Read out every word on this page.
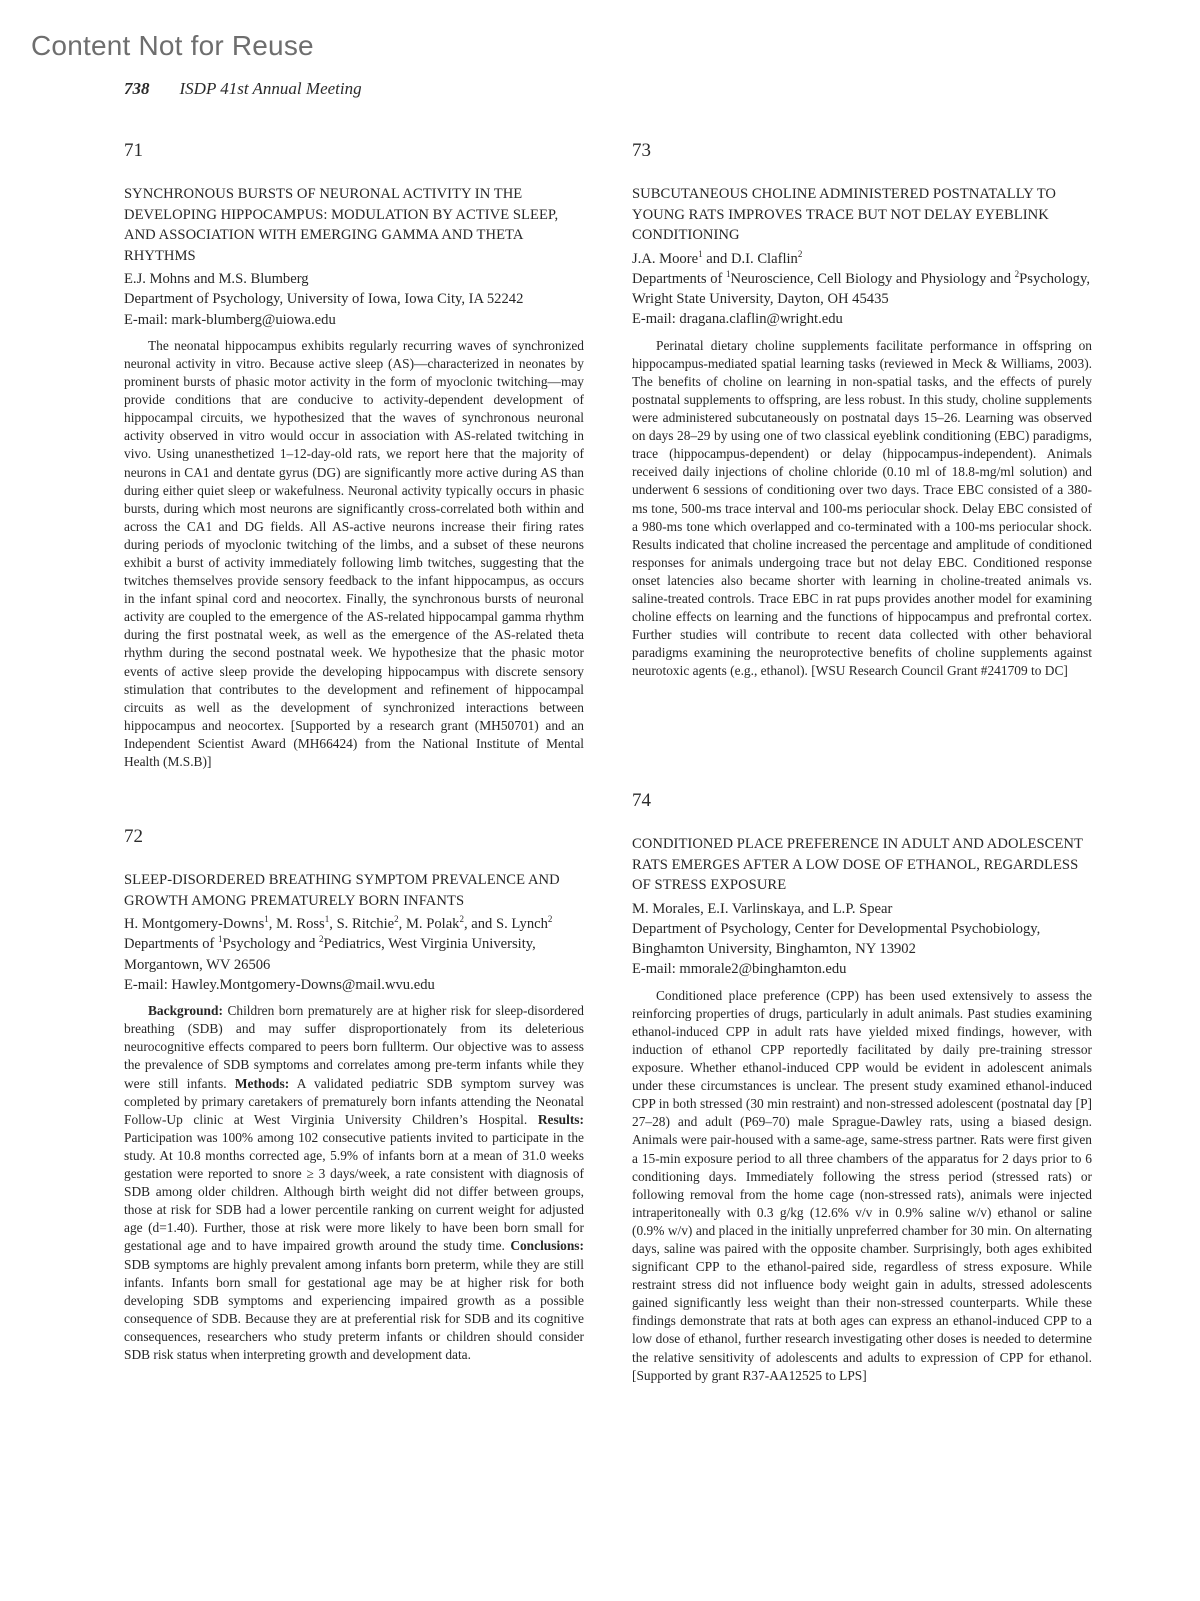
Content Not for Reuse
738 ISDP 41st Annual Meeting
71
SYNCHRONOUS BURSTS OF NEURONAL ACTIVITY IN THE DEVELOPING HIPPOCAMPUS: MODULATION BY ACTIVE SLEEP, AND ASSOCIATION WITH EMERGING GAMMA AND THETA RHYTHMS
E.J. Mohns and M.S. Blumberg
Department of Psychology, University of Iowa, Iowa City, IA 52242
E-mail: mark-blumberg@uiowa.edu

The neonatal hippocampus exhibits regularly recurring waves of synchronized neuronal activity in vitro. Because active sleep (AS)—characterized in neonates by prominent bursts of phasic motor activity in the form of myoclonic twitching—may provide conditions that are conducive to activity-dependent development of hippocampal circuits, we hypothesized that the waves of synchronous neuronal activity observed in vitro would occur in association with AS-related twitching in vivo. Using unanesthetized 1–12-day-old rats, we report here that the majority of neurons in CA1 and dentate gyrus (DG) are significantly more active during AS than during either quiet sleep or wakefulness. Neuronal activity typically occurs in phasic bursts, during which most neurons are significantly cross-correlated both within and across the CA1 and DG fields. All AS-active neurons increase their firing rates during periods of myoclonic twitching of the limbs, and a subset of these neurons exhibit a burst of activity immediately following limb twitches, suggesting that the twitches themselves provide sensory feedback to the infant hippocampus, as occurs in the infant spinal cord and neocortex. Finally, the synchronous bursts of neuronal activity are coupled to the emergence of the AS-related hippocampal gamma rhythm during the first postnatal week, as well as the emergence of the AS-related theta rhythm during the second postnatal week. We hypothesize that the phasic motor events of active sleep provide the developing hippocampus with discrete sensory stimulation that contributes to the development and refinement of hippocampal circuits as well as the development of synchronized interactions between hippocampus and neocortex. [Supported by a research grant (MH50701) and an Independent Scientist Award (MH66424) from the National Institute of Mental Health (M.S.B)]

72
SLEEP-DISORDERED BREATHING SYMPTOM PREVALENCE AND GROWTH AMONG PREMATURELY BORN INFANTS
H. Montgomery-Downs$^1$, M. Ross$^1$, S. Ritchie$^2$, M. Polak$^2$, and S. Lynch$^2$
Departments of $^1$Psychology and $^2$Pediatrics, West Virginia University, Morgantown, WV 26506
E-mail: Hawley.Montgomery-Downs@mail.wvu.edu

Background: Children born prematurely are at higher risk for sleep-disordered breathing (SDB) and may suffer disproportionately from its deleterious neurocognitive effects compared to peers born fullterm. Our objective was to assess the prevalence of SDB symptoms and correlates among pre-term infants while they were still infants. Methods: A validated pediatric SDB symptom survey was completed by primary caretakers of prematurely born infants attending the Neonatal Follow-Up clinic at West Virginia University Children’s Hospital. Results: Participation was 100% among 102 consecutive patients invited to participate in the study. At 10.8 months corrected age, 5.9% of infants born at a mean of 31.0 weeks gestation were reported to snore ≥ 3 days/week, a rate consistent with diagnosis of SDB among older children. Although birth weight did not differ between groups, those at risk for SDB had a lower percentile ranking on current weight for adjusted age (d=1.40). Further, those at risk were more likely to have been born small for gestational age and to have impaired growth around the study time. Conclusions: SDB symptoms are highly prevalent among infants born preterm, while they are still infants. Infants born small for gestational age may be at higher risk for both developing SDB symptoms and experiencing impaired growth as a possible consequence of SDB. Because they are at preferential risk for SDB and its cognitive consequences, researchers who study preterm infants or children should consider SDB risk status when interpreting growth and development data.

73
SUBCUTANEOUS CHOLINE ADMINISTERED POSTNATALLY TO YOUNG RATS IMPROVES TRACE BUT NOT DELAY EYEBLINK CONDITIONING
J.A. Moore$^1$ and D.I. Claflin$^2$
Departments of $^1$Neuroscience, Cell Biology and Physiology and $^2$Psychology, Wright State University, Dayton, OH 45435
E-mail: dragana.claflin@wright.edu

Perinatal dietary choline supplements facilitate performance in offspring on hippocampus-mediated spatial learning tasks (reviewed in Meck & Williams, 2003). The benefits of choline on learning in non-spatial tasks, and the effects of purely postnatal supplements to offspring, are less robust. In this study, choline supplements were administered subcutaneously on postnatal days 15–26. Learning was observed on days 28–29 by using one of two classical eyeblink conditioning (EBC) paradigms, trace (hippocampus-dependent) or delay (hippocampus-independent). Animals received daily injections of choline chloride (0.10 ml of 18.8-mg/ml solution) and underwent 6 sessions of conditioning over two days. Trace EBC consisted of a 380-ms tone, 500-ms trace interval and 100-ms periocular shock. Delay EBC consisted of a 980-ms tone which overlapped and co-terminated with a 100-ms periocular shock. Results indicated that choline increased the percentage and amplitude of conditioned responses for animals undergoing trace but not delay EBC. Conditioned response onset latencies also became shorter with learning in choline-treated animals vs. saline-treated controls. Trace EBC in rat pups provides another model for examining choline effects on learning and the functions of hippocampus and prefrontal cortex. Further studies will contribute to recent data collected with other behavioral paradigms examining the neuroprotective benefits of choline supplements against neurotoxic agents (e.g., ethanol). [WSU Research Council Grant #241709 to DC]

74
CONDITIONED PLACE PREFERENCE IN ADULT AND ADOLESCENT RATS EMERGES AFTER A LOW DOSE OF ETHANOL, REGARDLESS OF STRESS EXPOSURE
M. Morales, E.I. Varlinskaya, and L.P. Spear
Department of Psychology, Center for Developmental Psychobiology, Binghamton University, Binghamton, NY 13902
E-mail: mmorale2@binghamton.edu

Conditioned place preference (CPP) has been used extensively to assess the reinforcing properties of drugs, particularly in adult animals. Past studies examining ethanol-induced CPP in adult rats have yielded mixed findings, however, with induction of ethanol CPP reportedly facilitated by daily pre-training stressor exposure. Whether ethanol-induced CPP would be evident in adolescent animals under these circumstances is unclear. The present study examined ethanol-induced CPP in both stressed (30 min restraint) and non-stressed adolescent (postnatal day [P] 27–28) and adult (P69–70) male Sprague-Dawley rats, using a biased design. Animals were pair-housed with a same-age, same-stress partner. Rats were first given a 15-min exposure period to all three chambers of the apparatus for 2 days prior to 6 conditioning days. Immediately following the stress period (stressed rats) or following removal from the home cage (non-stressed rats), animals were injected intraperitoneally with 0.3 g/kg (12.6% v/v in 0.9% saline w/v) ethanol or saline (0.9% w/v) and placed in the initially unpreferred chamber for 30 min. On alternating days, saline was paired with the opposite chamber. Surprisingly, both ages exhibited significant CPP to the ethanol-paired side, regardless of stress exposure. While restraint stress did not influence body weight gain in adults, stressed adolescents gained significantly less weight than their non-stressed counterparts. While these findings demonstrate that rats at both ages can express an ethanol-induced CPP to a low dose of ethanol, further research investigating other doses is needed to determine the relative sensitivity of adolescents and adults to expression of CPP for ethanol. [Supported by grant R37-AA12525 to LPS]
